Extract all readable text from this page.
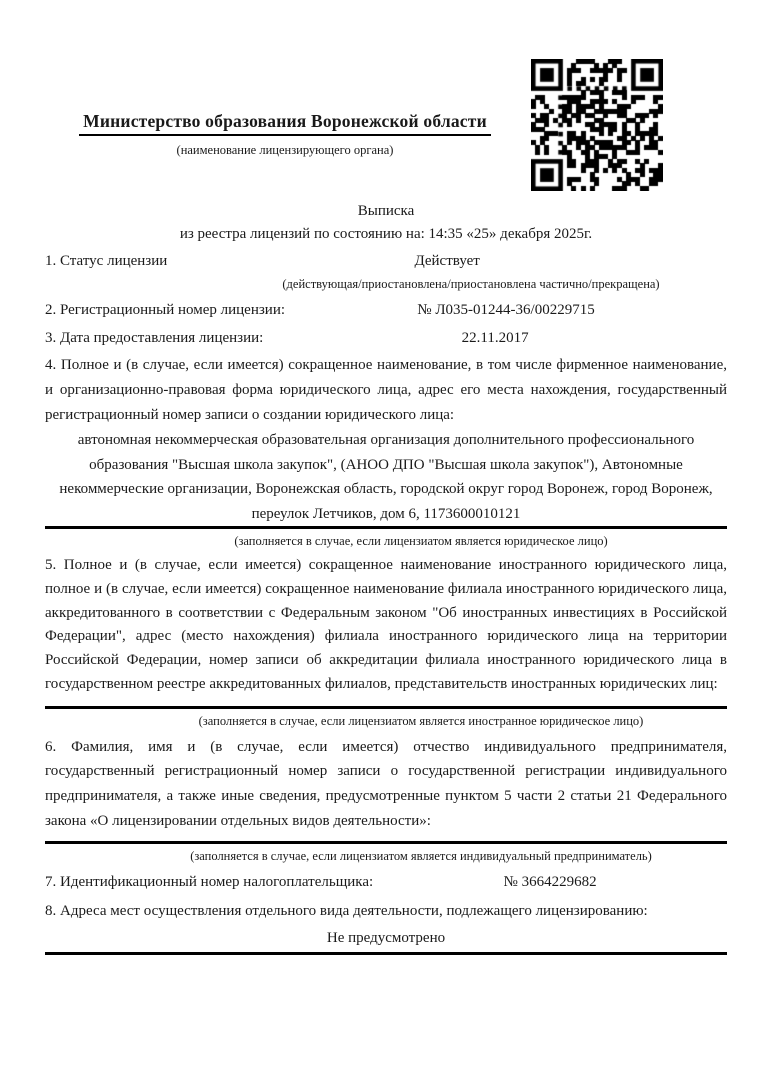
Министерство образования Воронежской области
(наименование лицензирующего органа)
Выписка
из реестра лицензий по состоянию на: 14:35 «25» декабря 2025г.
1. Статус лицензии	Действует
(действующая/приостановлена/приостановлена частично/прекращена)
2. Регистрационный номер лицензии:	№ Л035-01244-36/00229715
3. Дата предоставления лицензии:	22.11.2017
4. Полное и (в случае, если имеется) сокращенное наименование, в том числе фирменное наименование, и организационно-правовая форма юридического лица, адрес его места нахождения, государственный регистрационный номер записи о создании юридического лица:
автономная некоммерческая образовательная организация дополнительного профессионального образования "Высшая школа закупок", (АНОО ДПО "Высшая школа закупок"), Автономные некоммерческие организации, Воронежская область, городской округ город Воронеж, город Воронеж, переулок Летчиков, дом 6, 1173600010121
(заполняется в случае, если лицензиатом является юридическое лицо)
5. Полное и (в случае, если имеется) сокращенное наименование иностранного юридического лица, полное и (в случае, если имеется) сокращенное наименование филиала иностранного юридического лица, аккредитованного в соответствии с Федеральным законом "Об иностранных инвестициях в Российской Федерации", адрес (место нахождения) филиала иностранного юридического лица на территории Российской Федерации, номер записи об аккредитации филиала иностранного юридического лица в государственном реестре аккредитованных филиалов, представительств иностранных юридических лиц:
(заполняется в случае, если лицензиатом является иностранное юридическое лицо)
6. Фамилия, имя и (в случае, если имеется) отчество индивидуального предпринимателя, государственный регистрационный номер записи о государственной регистрации индивидуального предпринимателя, а также иные сведения, предусмотренные пунктом 5 части 2 статьи 21 Федерального закона «О лицензировании отдельных видов деятельности»:
(заполняется в случае, если лицензиатом является индивидуальный предприниматель)
7. Идентификационный номер налогоплательщика:	№ 3664229682
8. Адреса мест осуществления отдельного вида деятельности, подлежащего лицензированию:
Не предусмотрено
